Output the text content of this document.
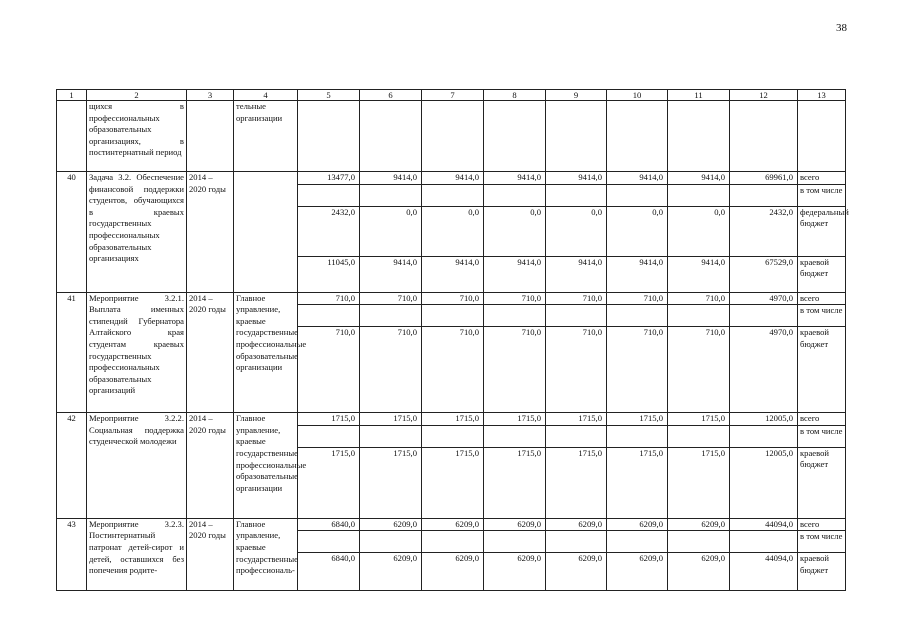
38
1	2	3	4	5	6	7	8	9	10	11	12	13
	щихся в профессиональных образовательных организациях, в постинтернатный период		тельные организации									
40	Задача 3.2. Обеспечение финансовой поддержки студентов, обучающихся в краевых государственных профессиональных образовательных организациях	2014 – 2020 годы		13477,0	9414,0	9414,0	9414,0	9414,0	9414,0	9414,0	69961,0	всего
												в том числе
				2432,0	0,0	0,0	0,0	0,0	0,0	0,0	2432,0	федеральный бюджет
				11045,0	9414,0	9414,0	9414,0	9414,0	9414,0	9414,0	67529,0	краевой бюджет
41	Мероприятие 3.2.1. Выплата именных стипендий Губернатора Алтайского края студентам краевых государственных профессиональных образовательных организаций	2014 – 2020 годы	Главное управление, краевые государственные профессиональные образовательные организации	710,0	710,0	710,0	710,0	710,0	710,0	710,0	4970,0	всего
												в том числе
				710,0	710,0	710,0	710,0	710,0	710,0	710,0	4970,0	краевой бюджет
42	Мероприятие 3.2.2. Социальная поддержка студенческой молодежи	2014 – 2020 годы	Главное управление, краевые государственные профессиональные образовательные организации	1715,0	1715,0	1715,0	1715,0	1715,0	1715,0	1715,0	12005,0	всего
												в том числе
				1715,0	1715,0	1715,0	1715,0	1715,0	1715,0	1715,0	12005,0	краевой бюджет
43	Мероприятие 3.2.3. Постинтернатный патронат детей-сирот и детей, оставшихся без попечения родите-	2014 – 2020 годы	Главное управление, краевые государственные профессиональ-	6840,0	6209,0	6209,0	6209,0	6209,0	6209,0	6209,0	44094,0	всего
												в том числе
				6840,0	6209,0	6209,0	6209,0	6209,0	6209,0	6209,0	44094,0	краевой бюджет
